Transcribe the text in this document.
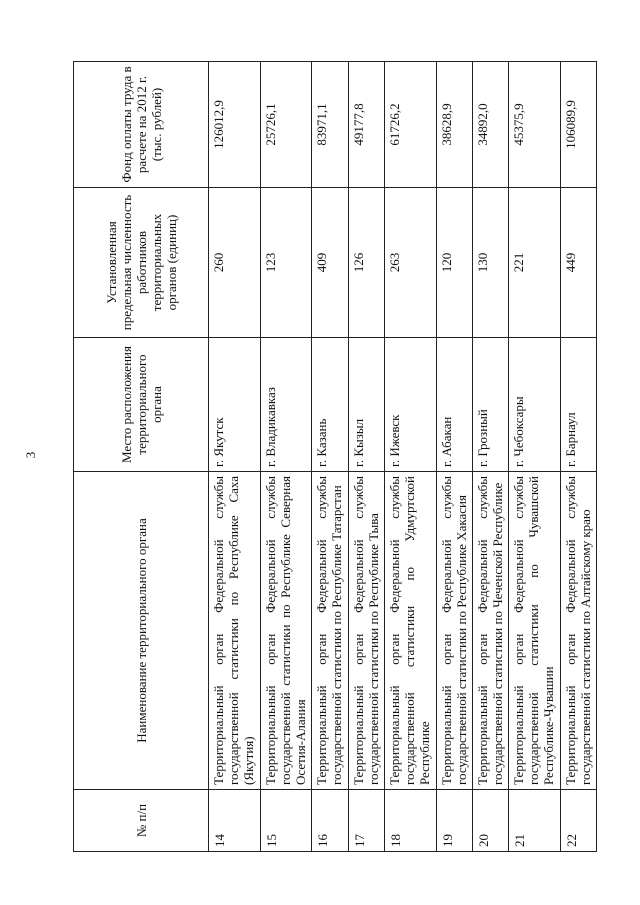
3
№ п/п	Наименование территориального органа	Место расположения территориального органа	Установленная предельная численность работников территориальных органов (единиц)	Фонд оплаты труда в расчете на 2012 г. (тыс. рублей)
14	Территориальный орган Федеральной службы государственной статистики по Республике Саха (Якутия)	г. Якутск	260	126012,9
15	Территориальный орган Федеральной службы государственной статистики по Республике Северная Осетия-Алания	г. Владикавказ	123	25726,1
16	Территориальный орган Федеральной службы государственной статистики по Республике Татарстан	г. Казань	409	83971,1
17	Территориальный орган Федеральной службы государственной статистики по Республике Тыва	г. Кызыл	126	49177,8
18	Территориальный орган Федеральной службы государственной статистики по Удмуртской Республике	г. Ижевск	263	61726,2
19	Территориальный орган Федеральной службы государственной статистики по Республике Хакасия	г. Абакан	120	38628,9
20	Территориальный орган Федеральной службы государственной статистики по Чеченской Республике	г. Грозный	130	34892,0
21	Территориальный орган Федеральной службы государственной статистики по Чувашской Республике-Чувашии	г. Чебоксары	221	45375,9
22	Территориальный орган Федеральной службы государственной статистики по Алтайскому краю	г. Барнаул	449	106089,9
